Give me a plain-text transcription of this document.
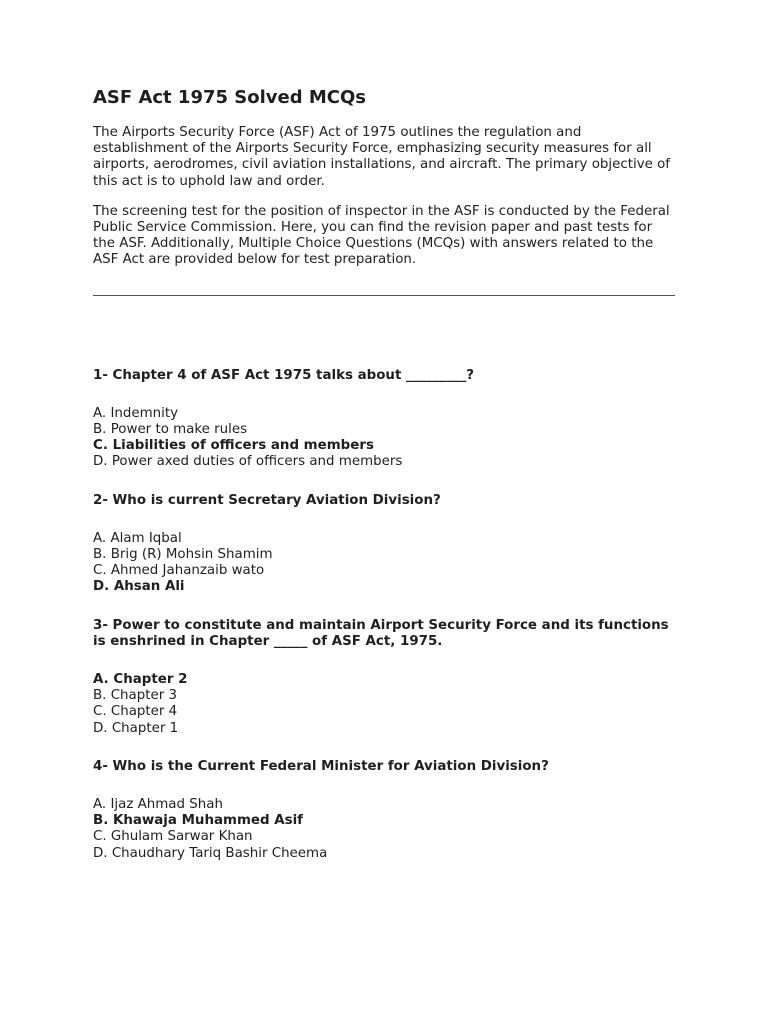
ASF Act 1975 Solved MCQs

The Airports Security Force (ASF) Act of 1975 outlines the regulation and establishment of the Airports Security Force, emphasizing security measures for all airports, aerodromes, civil aviation installations, and aircraft. The primary objective of this act is to uphold law and order.

The screening test for the position of inspector in the ASF is conducted by the Federal Public Service Commission. Here, you can find the revision paper and past tests for the ASF. Additionally, Multiple Choice Questions (MCQs) with answers related to the ASF Act are provided below for test preparation.

1- Chapter 4 of ASF Act 1975 talks about _________?

A. Indemnity
B. Power to make rules
C. Liabilities of officers and members
D. Power axed duties of officers and members

2- Who is current Secretary Aviation Division?

A. Alam Iqbal
B. Brig (R) Mohsin Shamim
C. Ahmed Jahanzaib wato
D. Ahsan Ali

3- Power to constitute and maintain Airport Security Force and its functions is enshrined in Chapter _____ of ASF Act, 1975.

A. Chapter 2
B. Chapter 3
C. Chapter 4
D. Chapter 1

4- Who is the Current Federal Minister for Aviation Division?

A. Ijaz Ahmad Shah
B. Khawaja Muhammed Asif
C. Ghulam Sarwar Khan
D. Chaudhary Tariq Bashir Cheema
